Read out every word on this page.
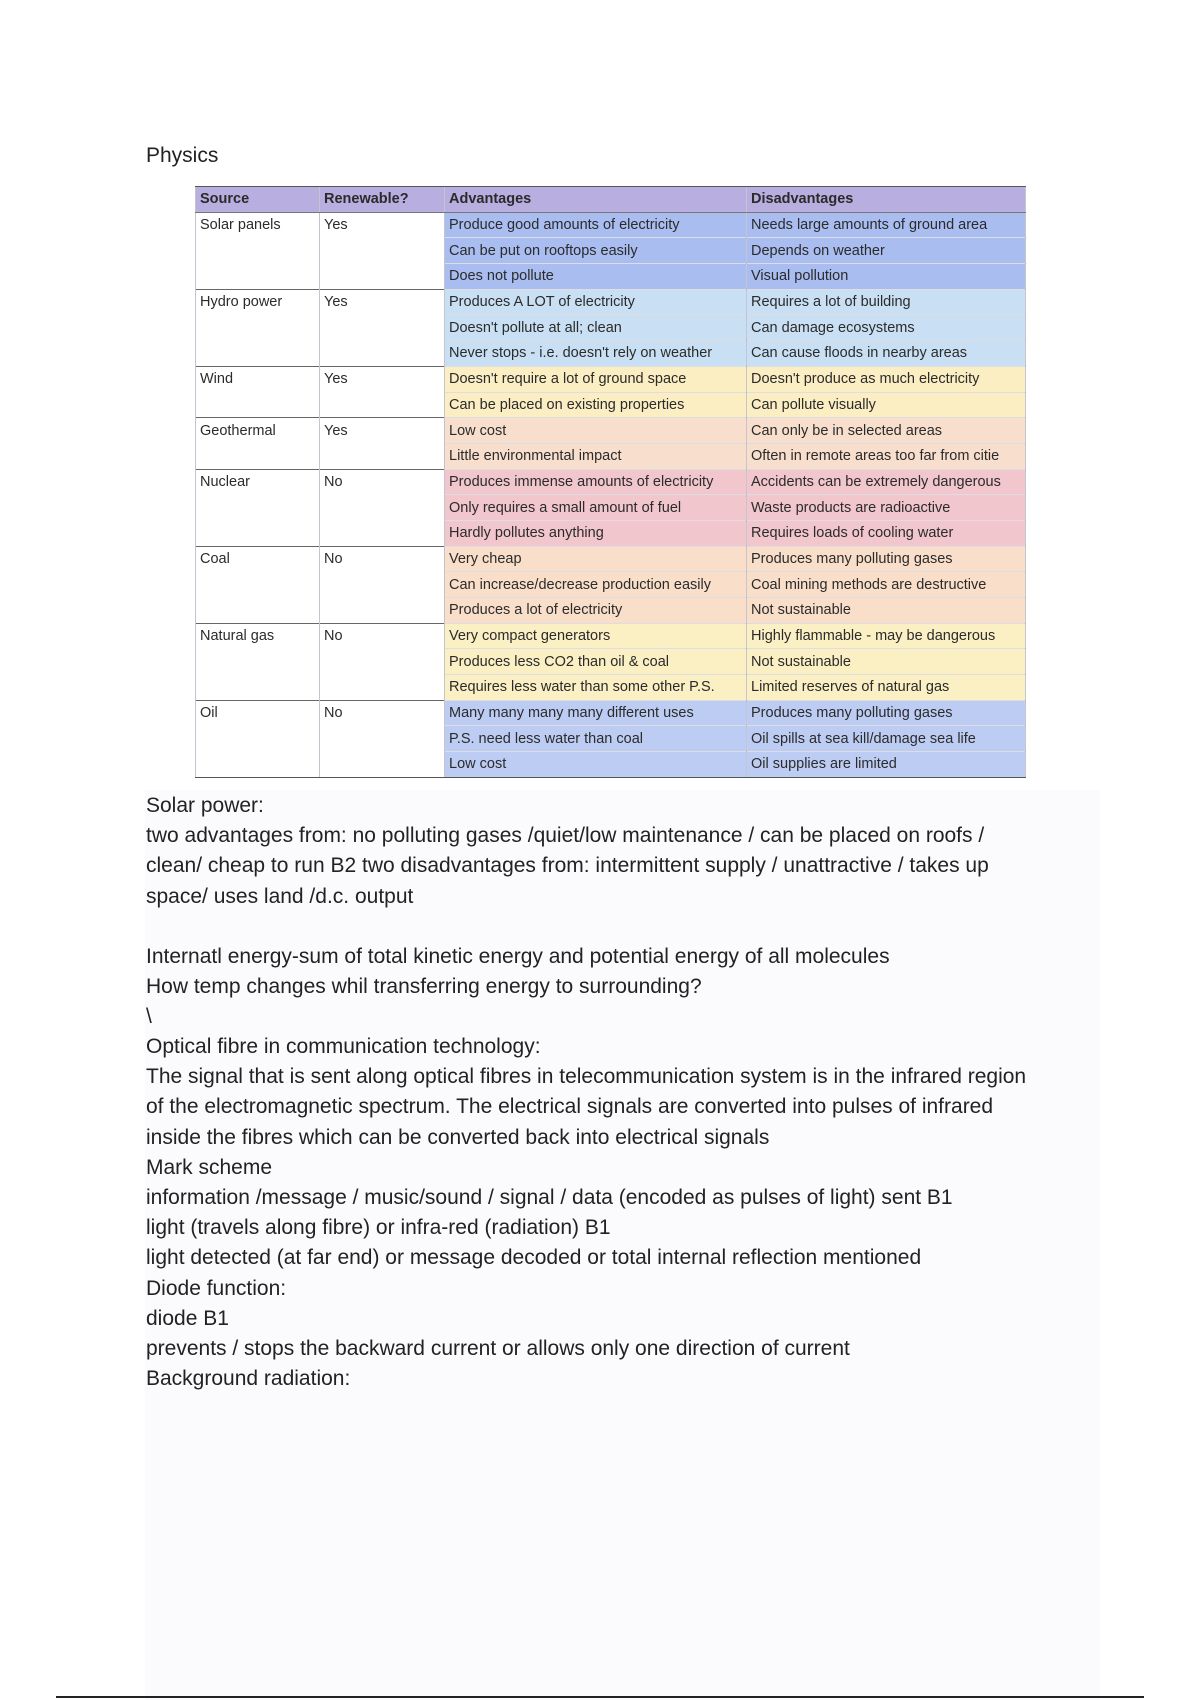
Physics
Source	Renewable?	Advantages	Disadvantages
Solar panels	Yes	Produce good amounts of electricity	Needs large amounts of ground area
		Can be put on rooftops easily	Depends on weather
		Does not pollute	Visual pollution
Hydro power	Yes	Produces A LOT of electricity	Requires a lot of building
		Doesn't pollute at all; clean	Can damage ecosystems
		Never stops - i.e. doesn't rely on weather	Can cause floods in nearby areas
Wind	Yes	Doesn't require a lot of ground space	Doesn't produce as much electricity
		Can be placed on existing properties	Can pollute visually
Geothermal	Yes	Low cost	Can only be in selected areas
		Little environmental impact	Often in remote areas too far from citie
Nuclear	No	Produces immense amounts of electricity	Accidents can be extremely dangerous
		Only requires a small amount of fuel	Waste products are radioactive
		Hardly pollutes anything	Requires loads of cooling water
Coal	No	Very cheap	Produces many polluting gases
		Can increase/decrease production easily	Coal mining methods are destructive
		Produces a lot of electricity	Not sustainable
Natural gas	No	Very compact generators	Highly flammable - may be dangerous
		Produces less CO2 than oil & coal	Not sustainable
		Requires less water than some other P.S.	Limited reserves of natural gas
Oil	No	Many many many many different uses	Produces many polluting gases
		P.S. need less water than coal	Oil spills at sea kill/damage sea life
		Low cost	Oil supplies are limited
Solar power:
two advantages from: no polluting gases /quiet/low maintenance / can be placed on roofs /
clean/ cheap to run B2 two disadvantages from: intermittent supply / unattractive / takes up
space/ uses land /d.c. output
Internatl energy-sum of total kinetic energy and potential energy of all molecules
How temp changes whil transferring energy to surrounding?
\
Optical fibre in communication technology:
The signal that is sent along optical fibres in telecommunication system is in the infrared region
of the electromagnetic spectrum. The electrical signals are converted into pulses of infrared
inside the fibres which can be converted back into electrical signals
Mark scheme
information /message / music/sound / signal / data (encoded as pulses of light) sent B1
light (travels along fibre) or infra-red (radiation) B1
light detected (at far end) or message decoded or total internal reflection mentioned
Diode function:
diode B1
prevents / stops the backward current or allows only one direction of current
Background radiation:
